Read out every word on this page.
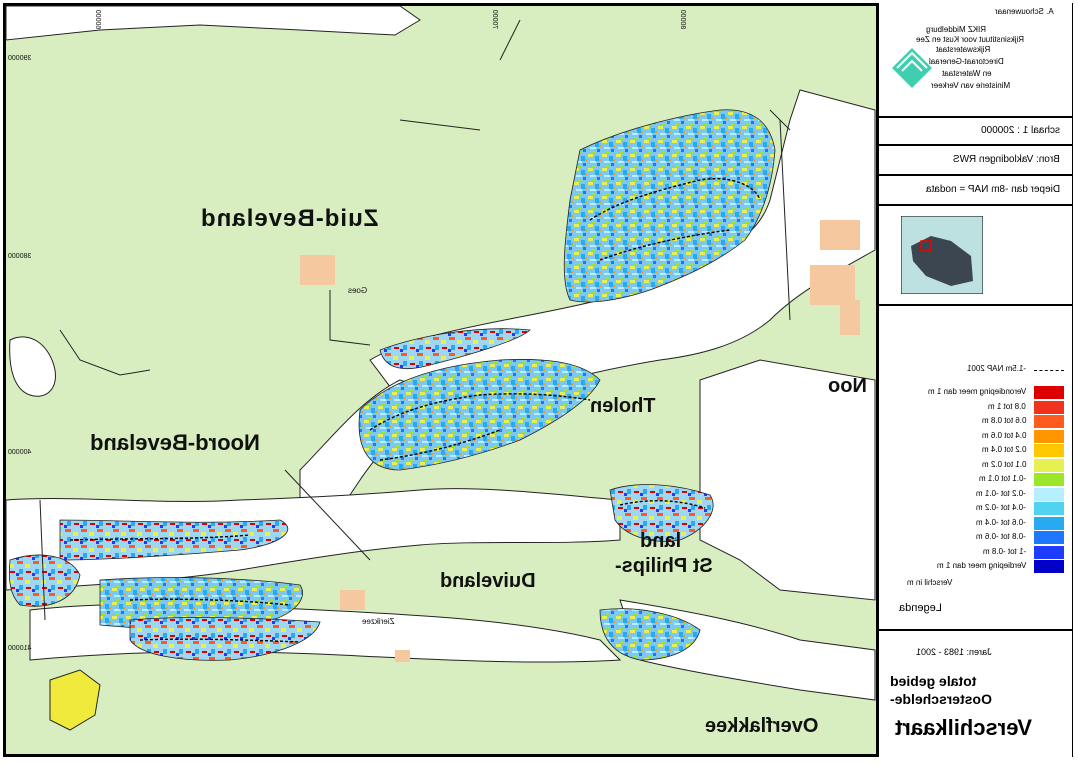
Zuid-Beveland
Noord-Beveland
Tholen
Duiveland
St Philips-
land
Overflakkee
Noo
Goes
Zierikzee
390000
380000
400000
410000
60000	70000	80000	A. Schouwenaar
RIKZ Middelburg
Rijksinstituut voor Kust en Zee
Rijkswaterstaat
Directoraat-Generaal
en Waterstaat
Ministerie van Verkeer
schaal 1 : 200000
Bron: Vaklodingen RWS
Dieper dan -8m NAP = nodata
-1.5m NAP 2001
Verondieping meer dan 1 m
0.8 tot 1 m
0.6 tot 0.8 m
0.4 tot 0.6 m
0.2 tot 0.4 m
0.1 tot 0.2 m
-0.1 tot 0.1 m
-0.2 tot -0.1 m
-0.4 tot -0.2 m
-0.6 tot -0.4 m
-0.8 tot -0.6 m
-1 tot -0.8 m
Verdieping meer dan 1 m
Verschil in m
Legenda
Jaren: 1983 - 2001
totale gebied
Oosterschelde-
Verschilkaart
